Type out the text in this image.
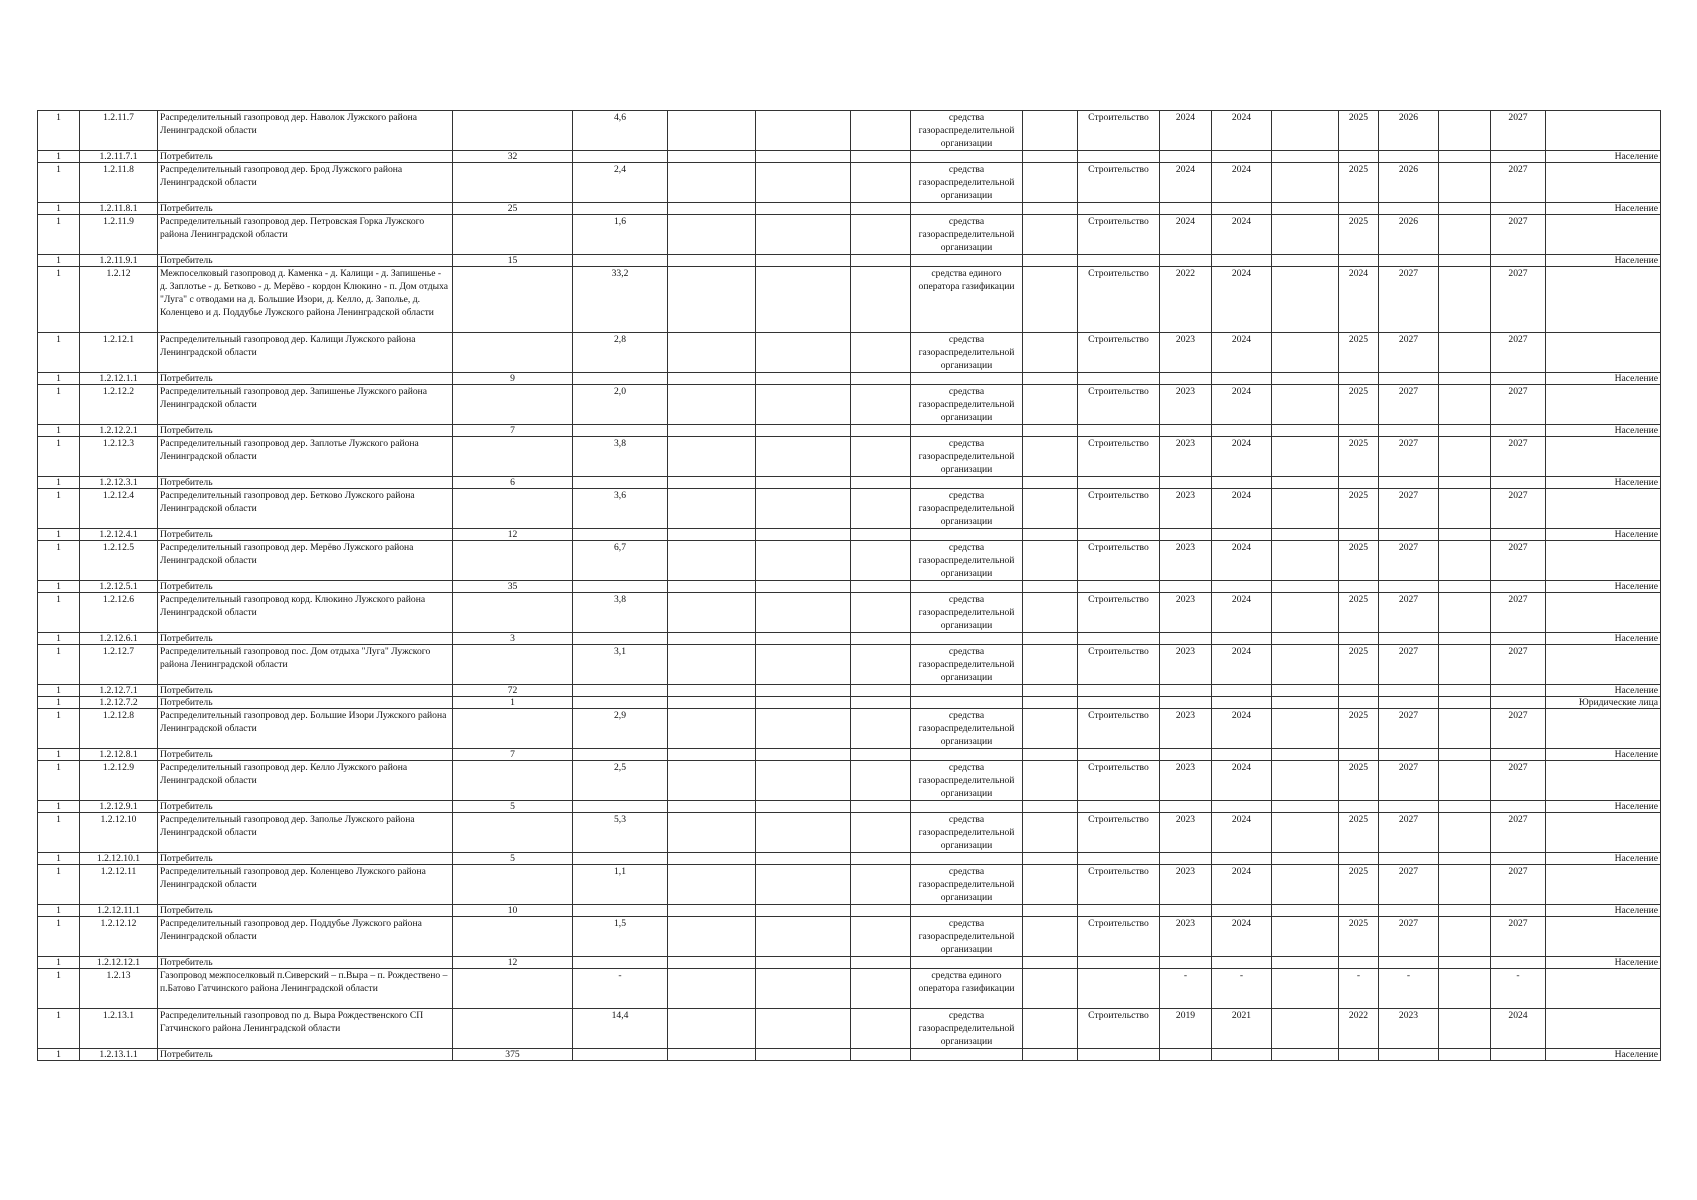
1	1.2.11.7	Распределительный газопровод дер. Наволок Лужского района Ленинградской области		4,6				средства газораспределительной организации		Строительство	2024	2024		2025	2026		2027	
1	1.2.11.7.1	Потребитель	32															Население
1	1.2.11.8	Распределительный газопровод дер. Брод Лужского района Ленинградской области		2,4				средства газораспределительной организации		Строительство	2024	2024		2025	2026		2027	
1	1.2.11.8.1	Потребитель	25															Население
1	1.2.11.9	Распределительный газопровод дер. Петровская Горка Лужского района Ленинградской области		1,6				средства газораспределительной организации		Строительство	2024	2024		2025	2026		2027	
1	1.2.11.9.1	Потребитель	15															Население
1	1.2.12	Межпоселковый газопровод д. Каменка - д. Калищи - д. Запишенье - д. Заплотье - д. Бетково - д. Мерёво - кордон Клюкино - п. Дом отдыха "Луга" с отводами на д. Большие Изори, д. Келло, д. Заполье, д. Коленцево и д. Поддубье Лужского района Ленинградской области		33,2				средства единого оператора газификации		Строительство	2022	2024		2024	2027		2027	
1	1.2.12.1	Распределительный газопровод дер. Калищи Лужского района Ленинградской области		2,8				средства газораспределительной организации		Строительство	2023	2024		2025	2027		2027	
1	1.2.12.1.1	Потребитель	9															Население
1	1.2.12.2	Распределительный газопровод дер. Запишенье Лужского района Ленинградской области		2,0				средства газораспределительной организации		Строительство	2023	2024		2025	2027		2027	
1	1.2.12.2.1	Потребитель	7															Население
1	1.2.12.3	Распределительный газопровод дер. Заплотье Лужского района Ленинградской области		3,8				средства газораспределительной организации		Строительство	2023	2024		2025	2027		2027	
1	1.2.12.3.1	Потребитель	6															Население
1	1.2.12.4	Распределительный газопровод дер. Бетково Лужского района Ленинградской области		3,6				средства газораспределительной организации		Строительство	2023	2024		2025	2027		2027	
1	1.2.12.4.1	Потребитель	12															Население
1	1.2.12.5	Распределительный газопровод дер. Мерёво Лужского района Ленинградской области		6,7				средства газораспределительной организации		Строительство	2023	2024		2025	2027		2027	
1	1.2.12.5.1	Потребитель	35															Население
1	1.2.12.6	Распределительный газопровод корд. Клюкино Лужского района Ленинградской области		3,8				средства газораспределительной организации		Строительство	2023	2024		2025	2027		2027	
1	1.2.12.6.1	Потребитель	3															Население
1	1.2.12.7	Распределительный газопровод пос. Дом отдыха "Луга" Лужского района Ленинградской области		3,1				средства газораспределительной организации		Строительство	2023	2024		2025	2027		2027	
1	1.2.12.7.1	Потребитель	72															Население
1	1.2.12.7.2	Потребитель	1															Юридические лица
1	1.2.12.8	Распределительный газопровод дер. Большие Изори Лужского района Ленинградской области		2,9				средства газораспределительной организации		Строительство	2023	2024		2025	2027		2027	
1	1.2.12.8.1	Потребитель	7															Население
1	1.2.12.9	Распределительный газопровод дер. Келло Лужского района Ленинградской области		2,5				средства газораспределительной организации		Строительство	2023	2024		2025	2027		2027	
1	1.2.12.9.1	Потребитель	5															Население
1	1.2.12.10	Распределительный газопровод дер. Заполье Лужского района Ленинградской области		5,3				средства газораспределительной организации		Строительство	2023	2024		2025	2027		2027	
1	1.2.12.10.1	Потребитель	5															Население
1	1.2.12.11	Распределительный газопровод дер. Коленцево Лужского района Ленинградской области		1,1				средства газораспределительной организации		Строительство	2023	2024		2025	2027		2027	
1	1.2.12.11.1	Потребитель	10															Население
1	1.2.12.12	Распределительный газопровод дер. Поддубье Лужского района Ленинградской области		1,5				средства газораспределительной организации		Строительство	2023	2024		2025	2027		2027	
1	1.2.12.12.1	Потребитель	12															Население
1	1.2.13	Газопровод межпоселковый п.Сиверский – п.Выра – п. Рождествено – п.Батово Гатчинского района Ленинградской области		-				средства единого оператора газификации			-	-		-	-		-	
1	1.2.13.1	Распределительный газопровод по д. Выра Рождественского СП Гатчинского района Ленинградской области		14,4				средства газораспределительной организации		Строительство	2019	2021		2022	2023		2024	
1	1.2.13.1.1	Потребитель	375															Население
